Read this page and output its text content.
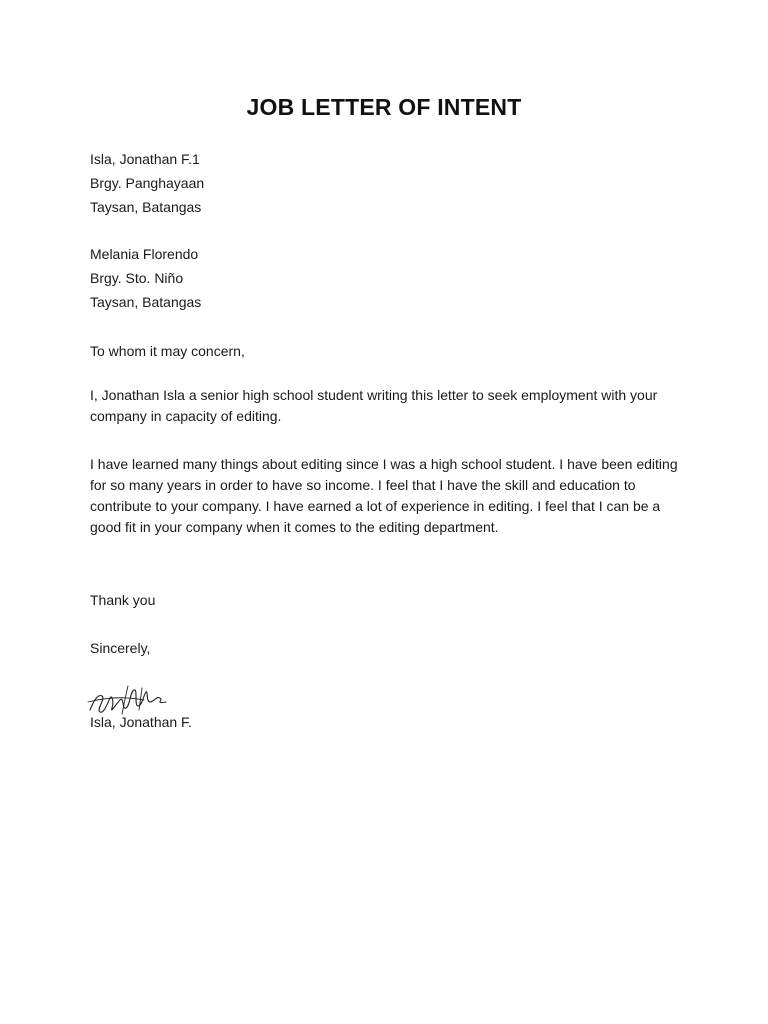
JOB LETTER OF INTENT
Isla, Jonathan F.1
Brgy. Panghayaan
Taysan, Batangas
Melania Florendo
Brgy. Sto. Niño
Taysan, Batangas

To whom it may concern,

I, Jonathan Isla a senior high school student writing this letter to seek employment with your company in capacity of editing.

I have learned many things about editing since I was a high school student. I have been editing for so many years in order to have so income. I feel that I have the skill and education to contribute to your company. I have earned a lot of experience in editing. I feel that I can be a good fit in your company when it comes to the editing department.

Thank you

Sincerely,

Isla, Jonathan F.
